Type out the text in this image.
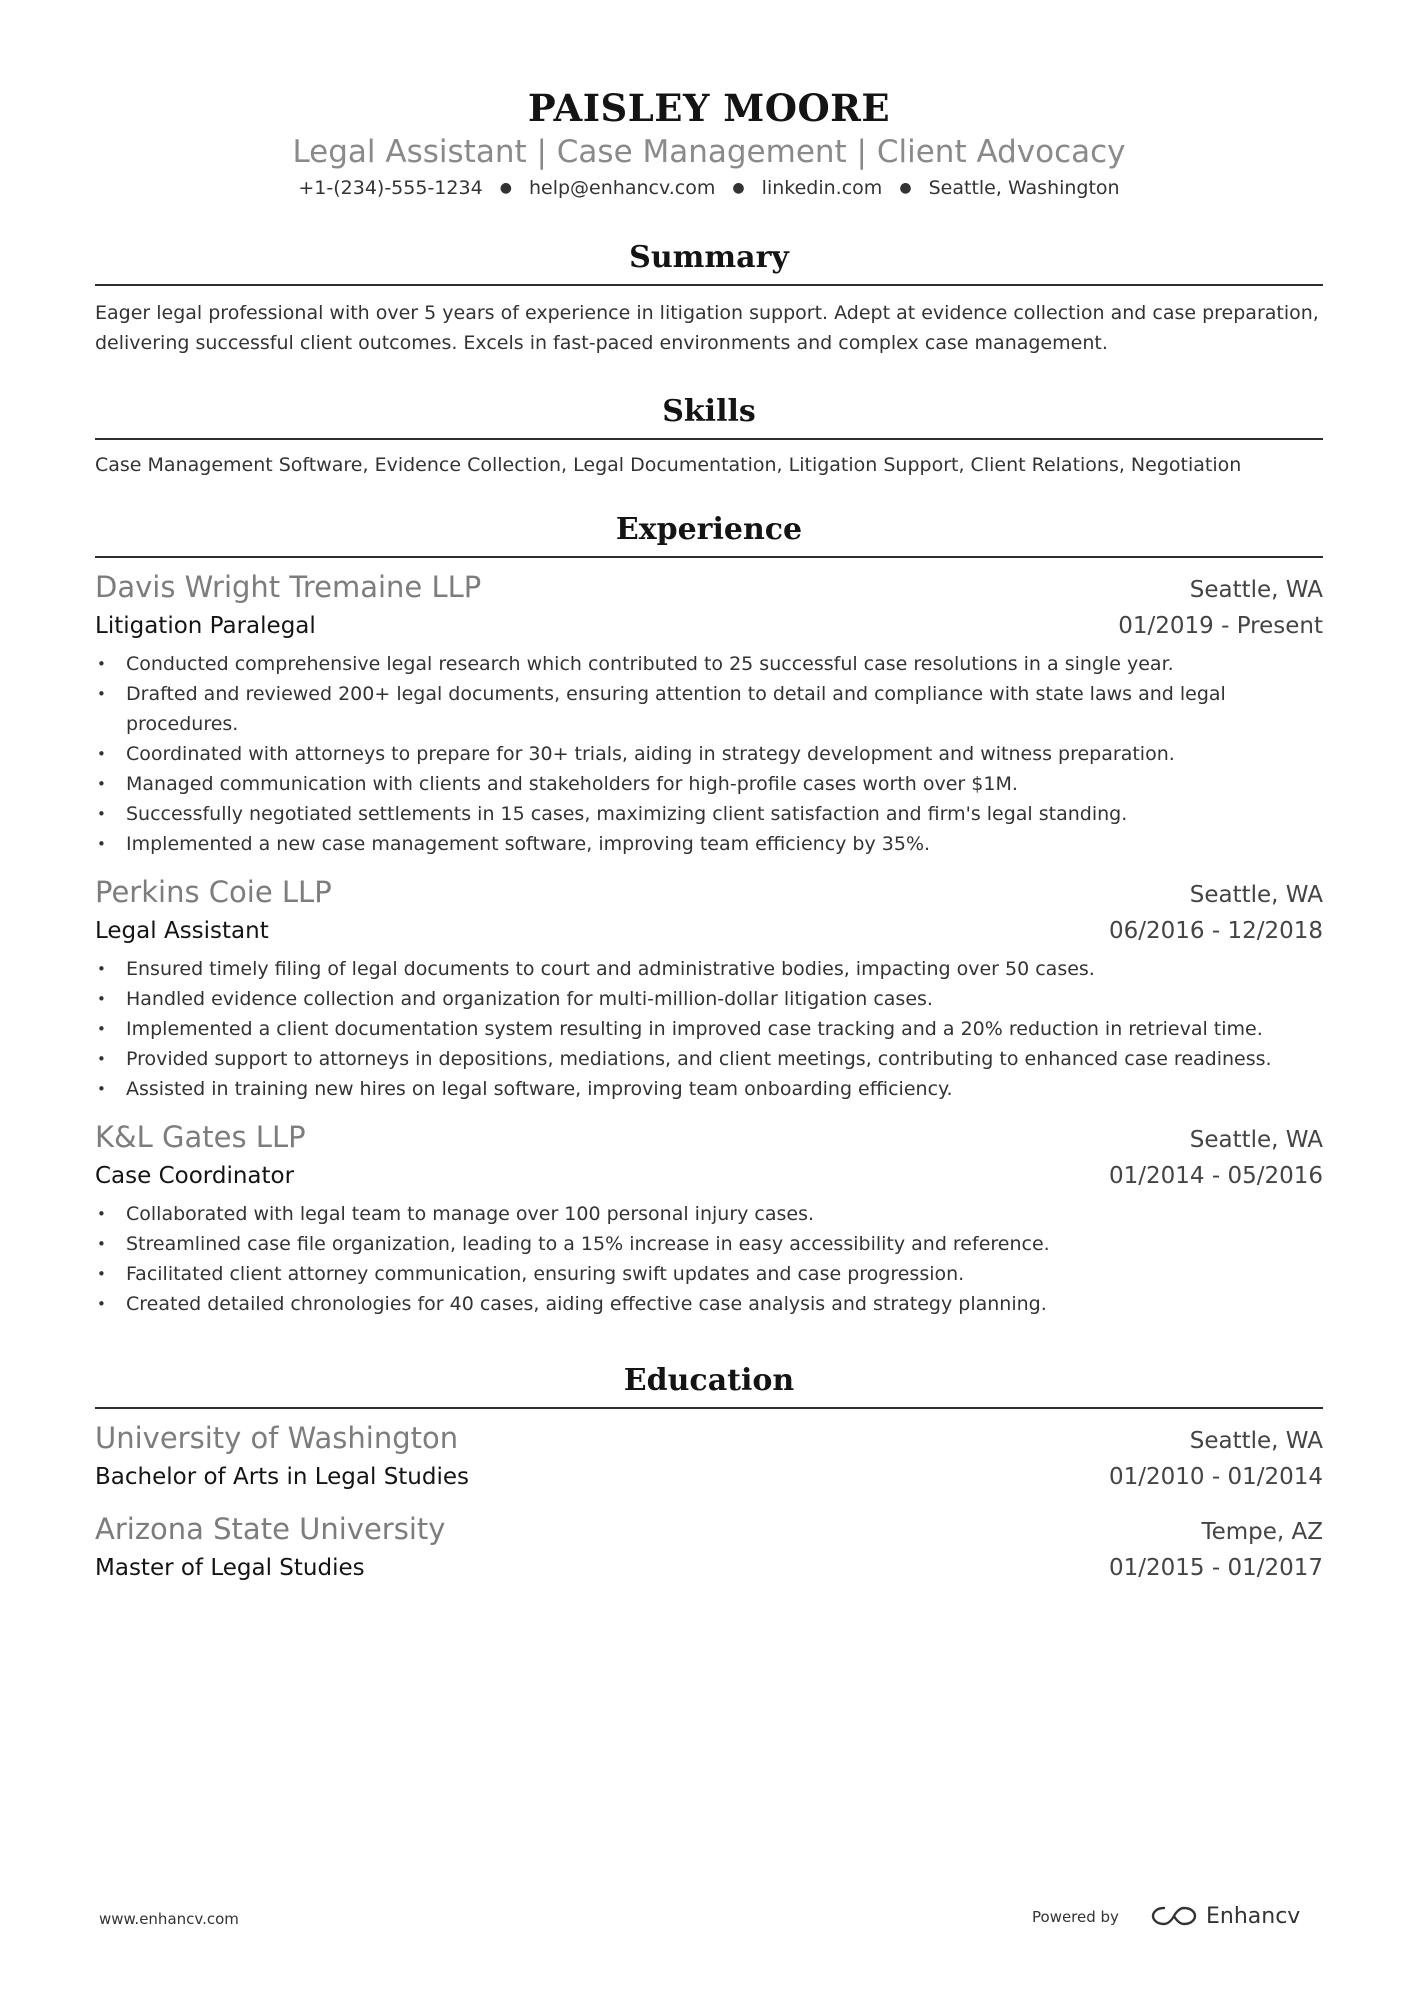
PAISLEY MOORE
Legal Assistant | Case Management | Client Advocacy
+1-(234)-555-1234 ● help@enhancv.com ● linkedin.com ● Seattle, Washington
Summary

Eager legal professional with over 5 years of experience in litigation support. Adept at evidence collection and case preparation, delivering successful client outcomes. Excels in fast-paced environments and complex case management.

Skills

Case Management Software, Evidence Collection, Legal Documentation, Litigation Support, Client Relations, Negotiation

Experience
Davis Wright Tremaine LLP	Seattle, WA
Litigation Paralegal	01/2019 - Present
• Conducted comprehensive legal research which contributed to 25 successful case resolutions in a single year.
• Drafted and reviewed 200+ legal documents, ensuring attention to detail and compliance with state laws and legal procedures.
• Coordinated with attorneys to prepare for 30+ trials, aiding in strategy development and witness preparation.
• Managed communication with clients and stakeholders for high-profile cases worth over $1M.
• Successfully negotiated settlements in 15 cases, maximizing client satisfaction and firm's legal standing.
• Implemented a new case management software, improving team efficiency by 35%.
Perkins Coie LLP	Seattle, WA
Legal Assistant	06/2016 - 12/2018
• Ensured timely filing of legal documents to court and administrative bodies, impacting over 50 cases.
• Handled evidence collection and organization for multi-million-dollar litigation cases.
• Implemented a client documentation system resulting in improved case tracking and a 20% reduction in retrieval time.
• Provided support to attorneys in depositions, mediations, and client meetings, contributing to enhanced case readiness.
• Assisted in training new hires on legal software, improving team onboarding efficiency.
K&L Gates LLP	Seattle, WA
Case Coordinator	01/2014 - 05/2016
• Collaborated with legal team to manage over 100 personal injury cases.
• Streamlined case file organization, leading to a 15% increase in easy accessibility and reference.
• Facilitated client attorney communication, ensuring swift updates and case progression.
• Created detailed chronologies for 40 cases, aiding effective case analysis and strategy planning.
Education
University of Washington	Seattle, WA
Bachelor of Arts in Legal Studies	01/2010 - 01/2014
Arizona State University	Tempe, AZ
Master of Legal Studies	01/2015 - 01/2017
www.enhancv.com	Powered by	Enhancv
